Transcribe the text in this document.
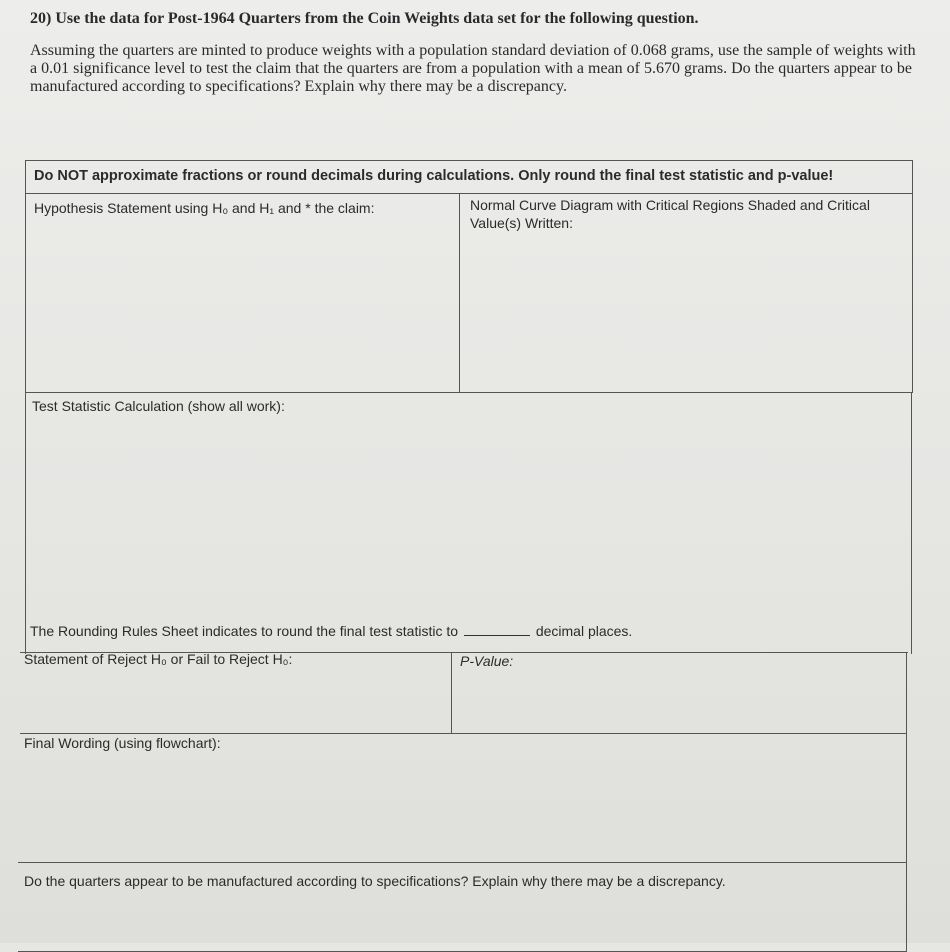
20) Use the data for Post-1964 Quarters from the Coin Weights data set for the following question.

Assuming the quarters are minted to produce weights with a population standard deviation of 0.068 grams, use the sample of weights with a 0.01 significance level to test the claim that the quarters are from a population with a mean of 5.670 grams. Do the quarters appear to be manufactured according to specifications? Explain why there may be a discrepancy.

Do NOT approximate fractions or round decimals during calculations. Only round the final test statistic and p-value!
Hypothesis Statement using H₀ and H₁ and * the claim:	Normal Curve Diagram with Critical Regions Shaded and Critical Value(s) Written:
Test Statistic Calculation (show all work):
The Rounding Rules Sheet indicates to round the final test statistic to	decimal places.
Statement of Reject H₀ or Fail to Reject H₀:	P-Value:
Final Wording (using flowchart):
Do the quarters appear to be manufactured according to specifications? Explain why there may be a discrepancy.
